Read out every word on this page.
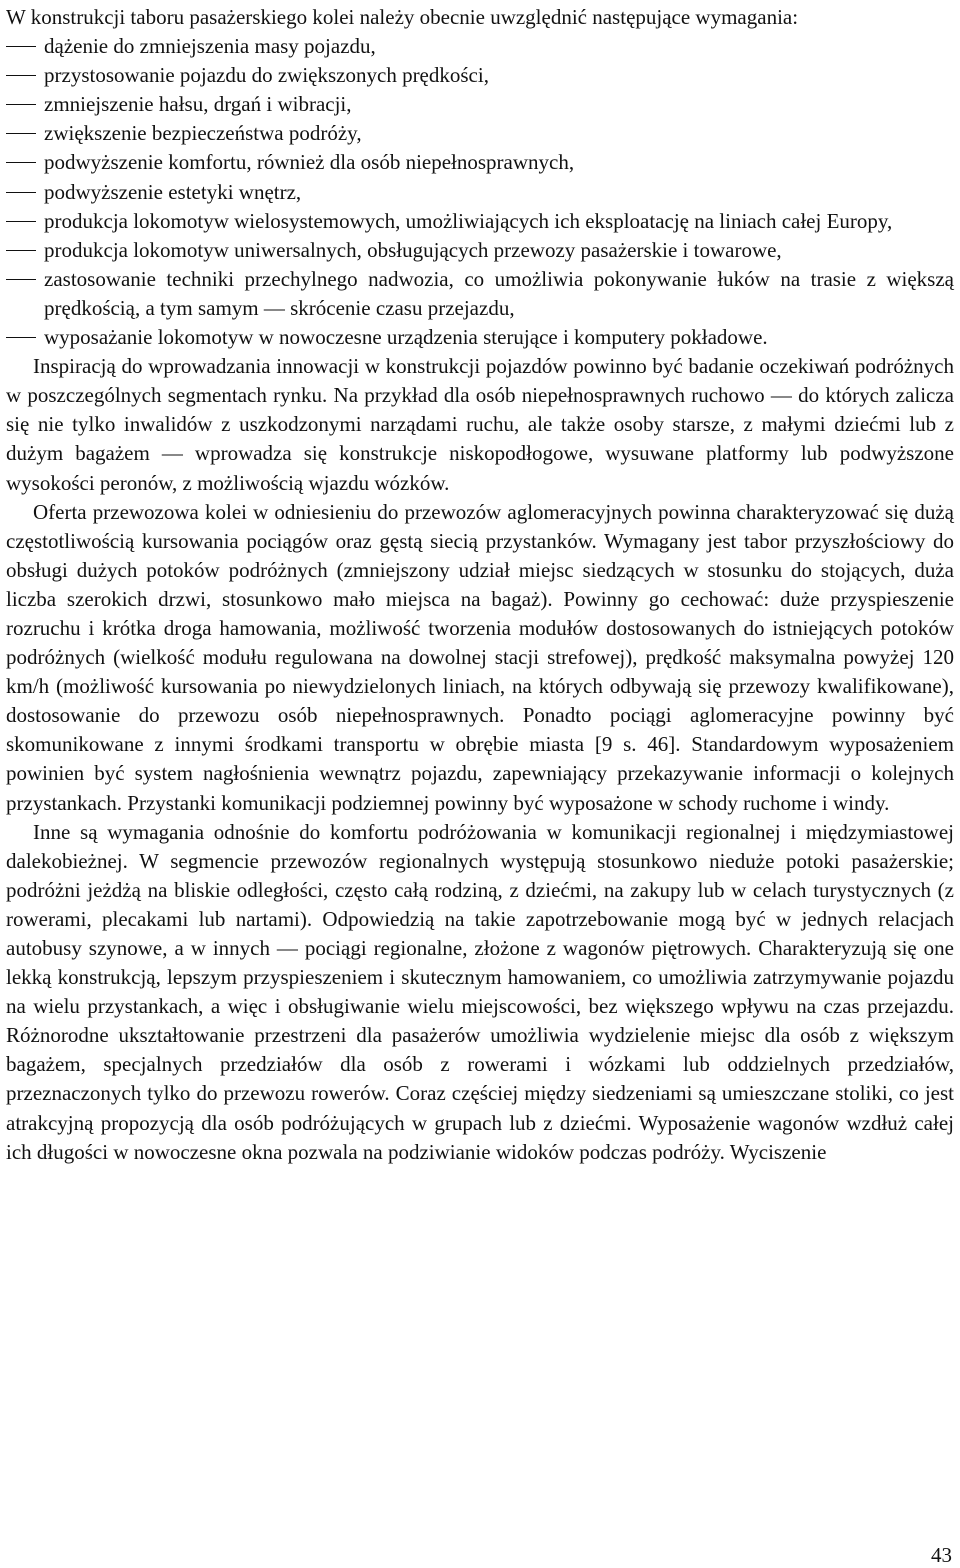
W konstrukcji taboru pasażerskiego kolei należy obecnie uwzględnić następujące wymagania:

dążenie do zmniejszenia masy pojazdu,
przystosowanie pojazdu do zwiększonych prędkości,
zmniejszenie hałsu, drgań i wibracji,
zwiększenie bezpieczeństwa podróży,
podwyższenie komfortu, również dla osób niepełnosprawnych,
podwyższenie estetyki wnętrz,
produkcja lokomotyw wielosystemowych, umożliwiających ich eksploatację na liniach całej Europy,
produkcja lokomotyw uniwersalnych, obsługujących przewozy pasażerskie i towarowe,
zastosowanie techniki przechylnego nadwozia, co umożliwia pokonywanie łuków na trasie z większą prędkością, a tym samym — skrócenie czasu przejazdu,
wyposażanie lokomotyw w nowoczesne urządzenia sterujące i komputery pokładowe.

Inspiracją do wprowadzania innowacji w konstrukcji pojazdów powinno być badanie oczekiwań podróżnych w poszczególnych segmentach rynku. Na przykład dla osób niepełnosprawnych ruchowo — do których zalicza się nie tylko inwalidów z uszkodzonymi narządami ruchu, ale także osoby starsze, z małymi dziećmi lub z dużym bagażem — wprowadza się konstrukcje niskopodłogowe, wysuwane platformy lub podwyższone wysokości peronów, z możliwością wjazdu wózków.

Oferta przewozowa kolei w odniesieniu do przewozów aglomeracyjnych powinna charakteryzować się dużą częstotliwością kursowania pociągów oraz gęstą siecią przystanków. Wymagany jest tabor przyszłościowy do obsługi dużych potoków podróżnych (zmniejszony udział miejsc siedzących w stosunku do stojących, duża liczba szerokich drzwi, stosunkowo mało miejsca na bagaż). Powinny go cechować: duże przyspieszenie rozruchu i krótka droga hamowania, możliwość tworzenia modułów dostosowanych do istniejących potoków podróżnych (wielkość modułu regulowana na dowolnej stacji strefowej), prędkość maksymalna powyżej 120 km/h (możliwość kursowania po niewydzielonych liniach, na których odbywają się przewozy kwalifikowane), dostosowanie do przewozu osób niepełnosprawnych. Ponadto pociągi aglomeracyjne powinny być skomunikowane z innymi środkami transportu w obrębie miasta [9 s. 46]. Standardowym wyposażeniem powinien być system nagłośnienia wewnątrz pojazdu, zapewniający przekazywanie informacji o kolejnych przystankach. Przystanki komunikacji podziemnej powinny być wyposażone w schody ruchome i windy.

Inne są wymagania odnośnie do komfortu podróżowania w komunikacji regionalnej i międzymiastowej dalekobieżnej. W segmencie przewozów regionalnych występują stosunkowo nieduże potoki pasażerskie; podróżni jeżdżą na bliskie odległości, często całą rodziną, z dziećmi, na zakupy lub w celach turystycznych (z rowerami, plecakami lub nartami). Odpowiedzią na takie zapotrzebowanie mogą być w jednych relacjach autobusy szynowe, a w innych — pociągi regionalne, złożone z wagonów piętrowych. Charakteryzują się one lekką konstrukcją, lepszym przyspieszeniem i skutecznym hamowaniem, co umożliwia zatrzymywanie pojazdu na wielu przystankach, a więc i obsługiwanie wielu miejscowości, bez większego wpływu na czas przejazdu. Różnorodne ukształtowanie przestrzeni dla pasażerów umożliwia wydzielenie miejsc dla osób z większym bagażem, specjalnych przedziałów dla osób z rowerami i wózkami lub oddzielnych przedziałów, przeznaczonych tylko do przewozu rowerów. Coraz częściej między siedzeniami są umieszczane stoliki, co jest atrakcyjną propozycją dla osób podróżujących w grupach lub z dziećmi. Wyposażenie wagonów wzdłuż całej ich długości w nowoczesne okna pozwala na podziwianie widoków podczas podróży. Wyciszenie

43
